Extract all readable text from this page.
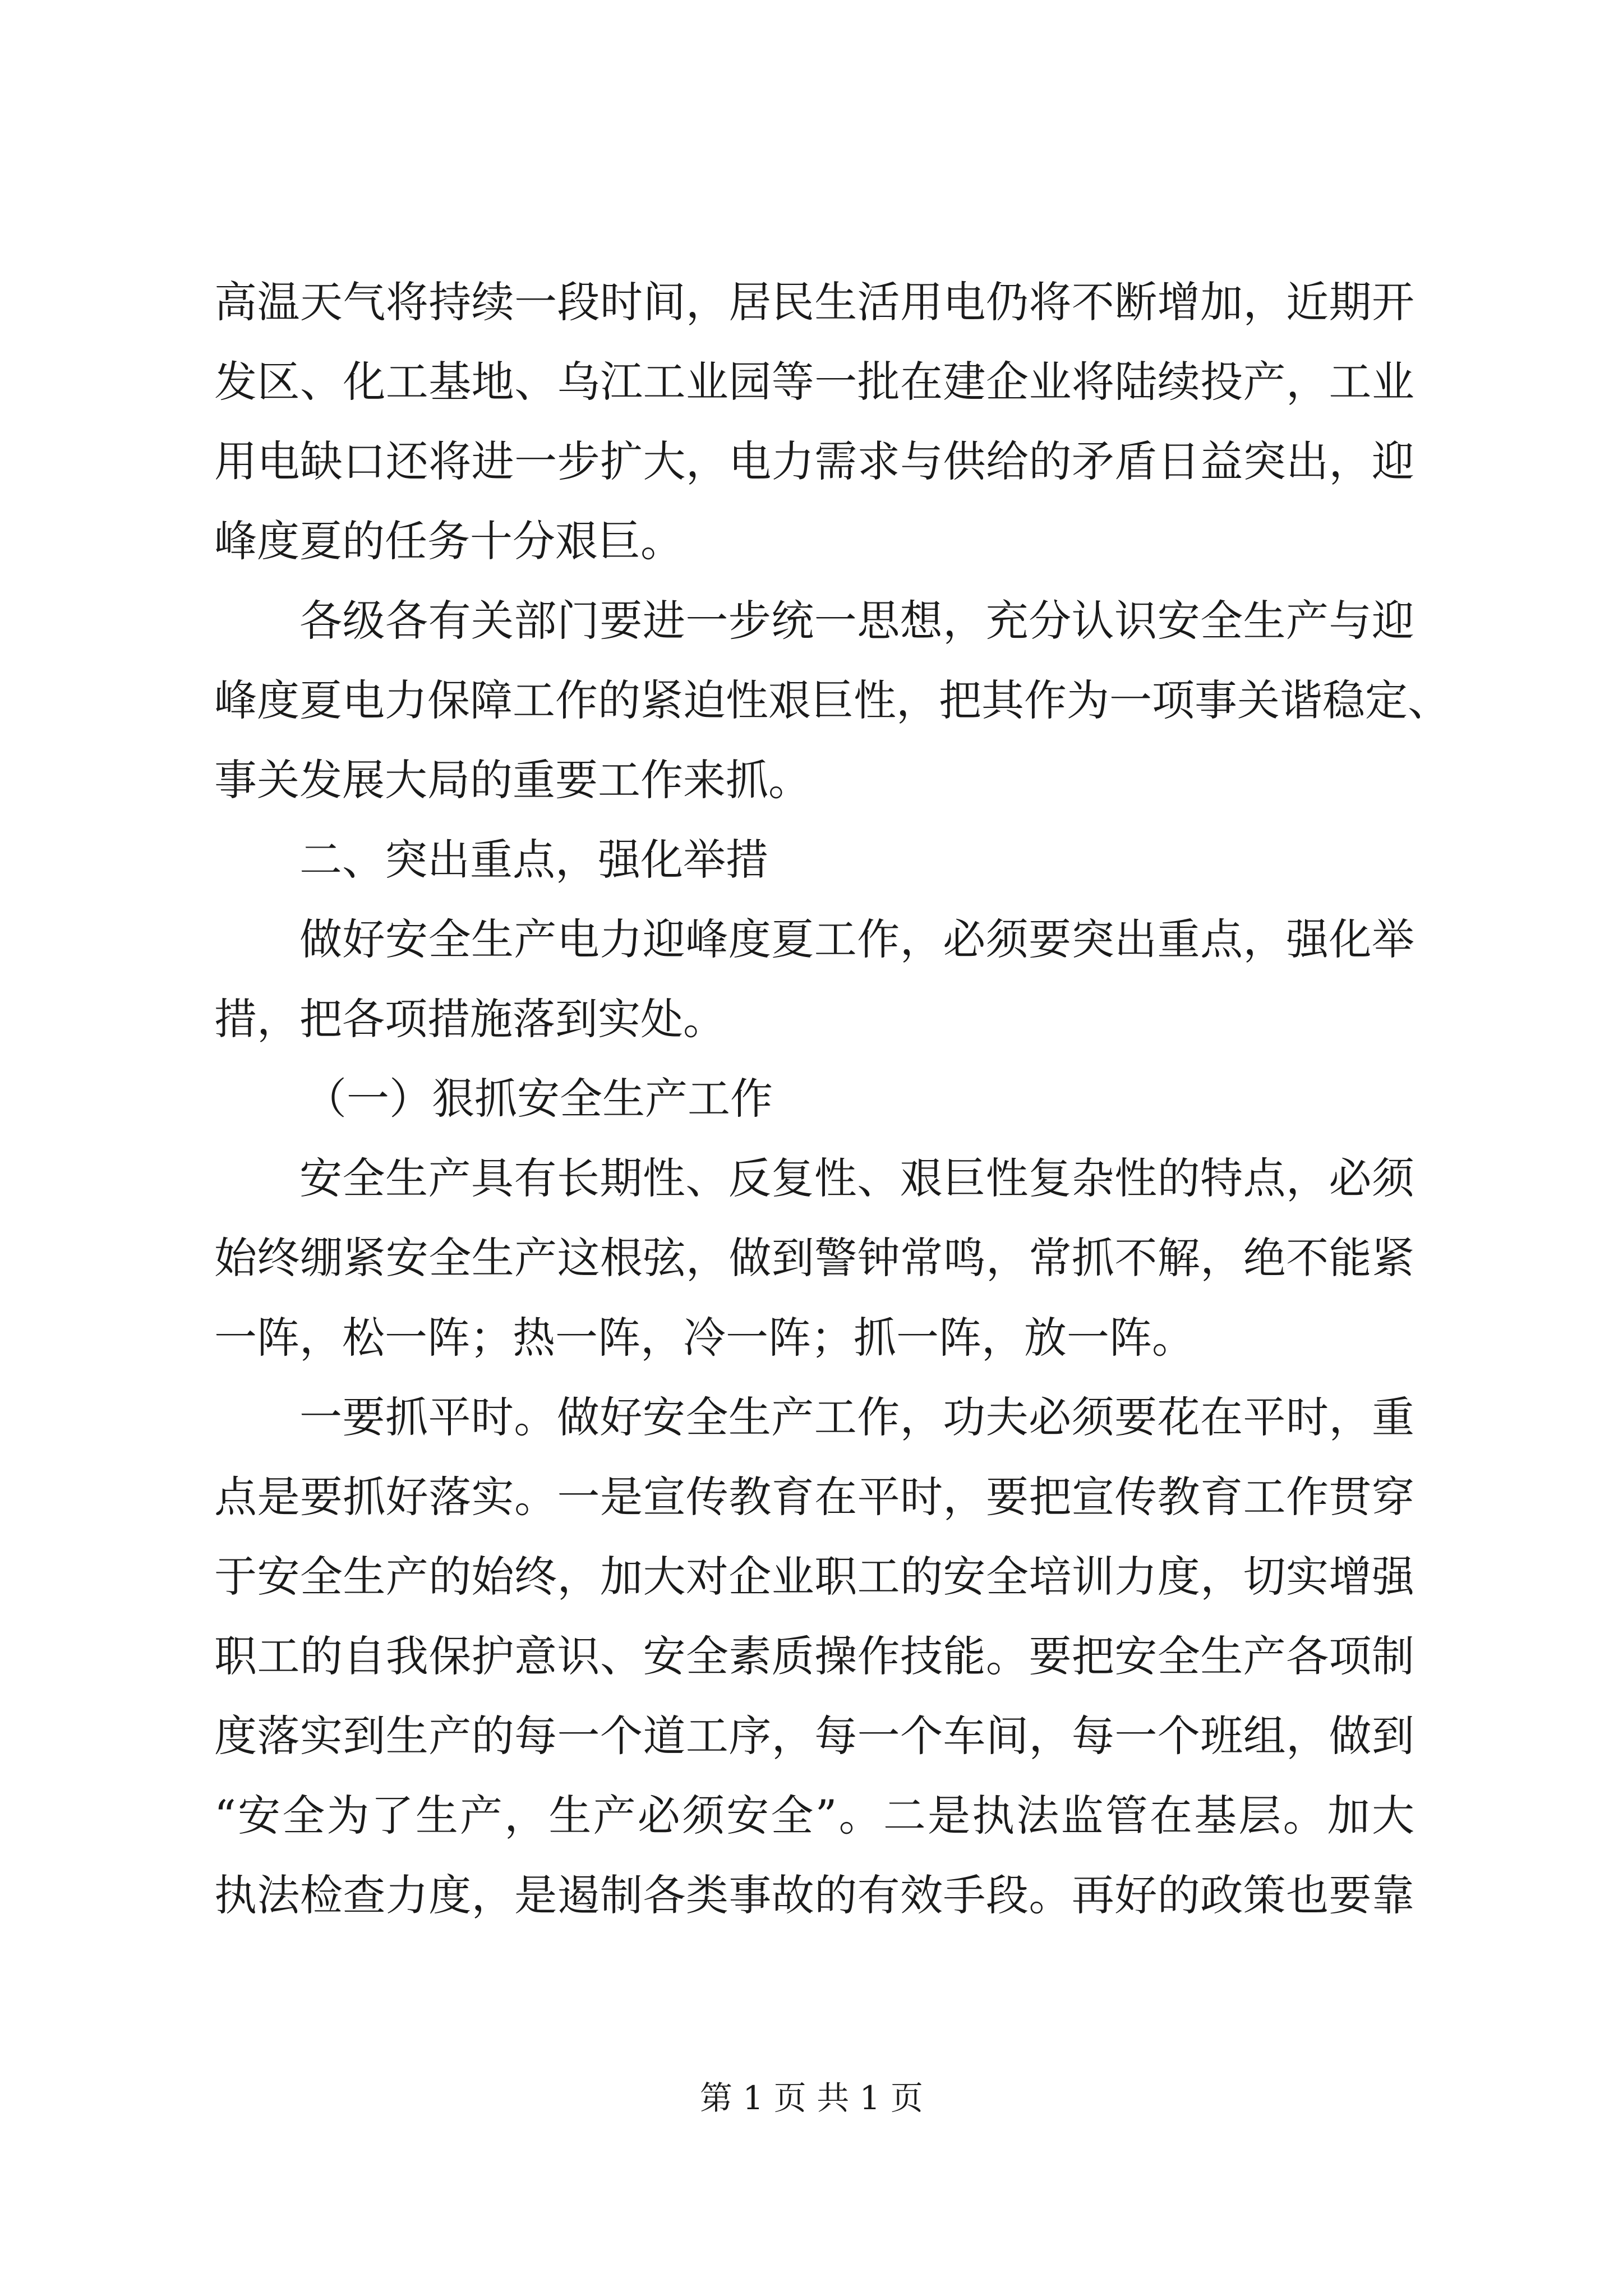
高温天气将持续一段时间，居民生活用电仍将不断增加，近期开
发区、化工基地、乌江工业园等一批在建企业将陆续投产，工业
用电缺口还将进一步扩大，电力需求与供给的矛盾日益突出，迎
峰度夏的任务十分艰巨。
各级各有关部门要进一步统一思想，充分认识安全生产与迎
峰度夏电力保障工作的紧迫性艰巨性，把其作为一项事关谐稳定、
事关发展大局的重要工作来抓。
二、突出重点，强化举措
做好安全生产电力迎峰度夏工作，必须要突出重点，强化举
措，把各项措施落到实处。
（一）狠抓安全生产工作
安全生产具有长期性、反复性、艰巨性复杂性的特点，必须
始终绷紧安全生产这根弦，做到警钟常鸣，常抓不解，绝不能紧
一阵，松一阵；热一阵，冷一阵；抓一阵，放一阵。
一要抓平时。做好安全生产工作，功夫必须要花在平时，重
点是要抓好落实。一是宣传教育在平时，要把宣传教育工作贯穿
于安全生产的始终，加大对企业职工的安全培训力度，切实增强
职工的自我保护意识、安全素质操作技能。要把安全生产各项制
度落实到生产的每一个道工序，每一个车间，每一个班组，做到
“安全为了生产，生产必须安全”。二是执法监管在基层。加大
执法检查力度，是遏制各类事故的有效手段。再好的政策也要靠
第 1 页 共 1 页
